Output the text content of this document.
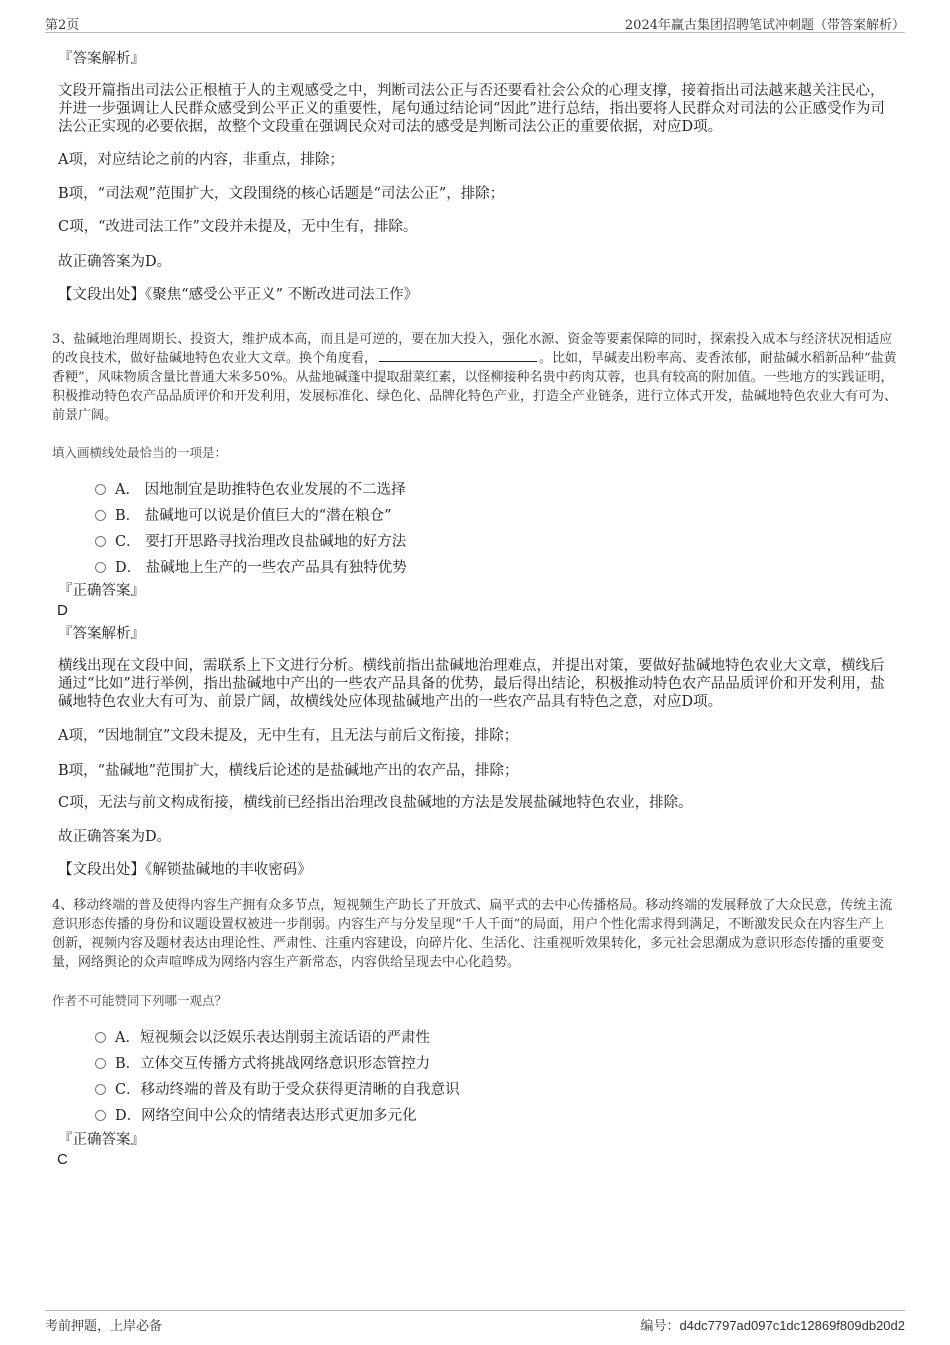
第2页	2024年赢古集团招聘笔试冲刺题（带答案解析）
『答案解析』
文段开篇指出司法公正根植于人的主观感受之中，判断司法公正与否还要看社会公众的心理支撑，接着指出司法越来越关注民心，并进一步强调让人民群众感受到公平正义的重要性，尾句通过结论词“因此”进行总结，指出要将人民群众对司法的公正感受作为司法公正实现的必要依据，故整个文段重在强调民众对司法的感受是判断司法公正的重要依据，对应D项。
A项，对应结论之前的内容，非重点，排除；
B项，“司法观”范围扩大，文段围绕的核心话题是“司法公正”，排除；
C项，“改进司法工作”文段并未提及，无中生有，排除。
故正确答案为D。
【文段出处】《聚焦“感受公平正义” 不断改进司法工作》
3、盐碱地治理周期长、投资大，维护成本高，而且是可逆的，要在加大投入，强化水源、资金等要素保障的同时，探索投入成本与经济状况相适应的改良技术，做好盐碱地特色农业大文章。换个角度看，	。比如，旱碱麦出粉率高、麦香浓郁，耐盐碱水稻新品种“盐黄香粳”，风味物质含量比普通大米多50%。从盐地碱蓬中提取甜菜红素，以怪柳接种名贵中药肉苁蓉，也具有较高的附加值。一些地方的实践证明，积极推动特色农产品品质评价和开发利用，发展标准化、绿色化、品牌化特色产业，打造全产业链条，进行立体式开发，盐碱地特色农业大有可为、前景广阔。
填入画横线处最恰当的一项是：
A． 因地制宜是助推特色农业发展的不二选择
B． 盐碱地可以说是价值巨大的“潜在粮仓”
C． 要打开思路寻找治理改良盐碱地的好方法
D． 盐碱地上生产的一些农产品具有独特优势
『正确答案』
D
『答案解析』
横线出现在文段中间，需联系上下文进行分析。横线前指出盐碱地治理难点，并提出对策，要做好盐碱地特色农业大文章，横线后通过“比如”进行举例，指出盐碱地中产出的一些农产品具备的优势，最后得出结论，积极推动特色农产品品质评价和开发利用，盐碱地特色农业大有可为、前景广阔，故横线处应体现盐碱地产出的一些农产品具有特色之意，对应D项。
A项，“因地制宜”文段未提及，无中生有，且无法与前后文衔接，排除；
B项，“盐碱地”范围扩大，横线后论述的是盐碱地产出的农产品，排除；
C项，无法与前文构成衔接，横线前已经指出治理改良盐碱地的方法是发展盐碱地特色农业，排除。
故正确答案为D。
【文段出处】《解锁盐碱地的丰收密码》
4、移动终端的普及使得内容生产拥有众多节点，短视频生产助长了开放式、扁平式的去中心传播格局。移动终端的发展释放了大众民意，传统主流意识形态传播的身份和议题设置权被进一步削弱。内容生产与分发呈现“千人千面”的局面，用户个性化需求得到满足，不断激发民众在内容生产上创新，视频内容及题材表达由理论性、严肃性、注重内容建设，向碎片化、生活化、注重视听效果转化，多元社会思潮成为意识形态传播的重要变量，网络舆论的众声喧哗成为网络内容生产新常态，内容供给呈现去中心化趋势。
作者不可能赞同下列哪一观点？
A．短视频会以泛娱乐表达削弱主流话语的严肃性
B．立体交互传播方式将挑战网络意识形态管控力
C．移动终端的普及有助于受众获得更清晰的自我意识
D．网络空间中公众的情绪表达形式更加多元化
『正确答案』
C
考前押题，上岸必备	编号：d4dc7797ad097c1dc12869f809db20d2
